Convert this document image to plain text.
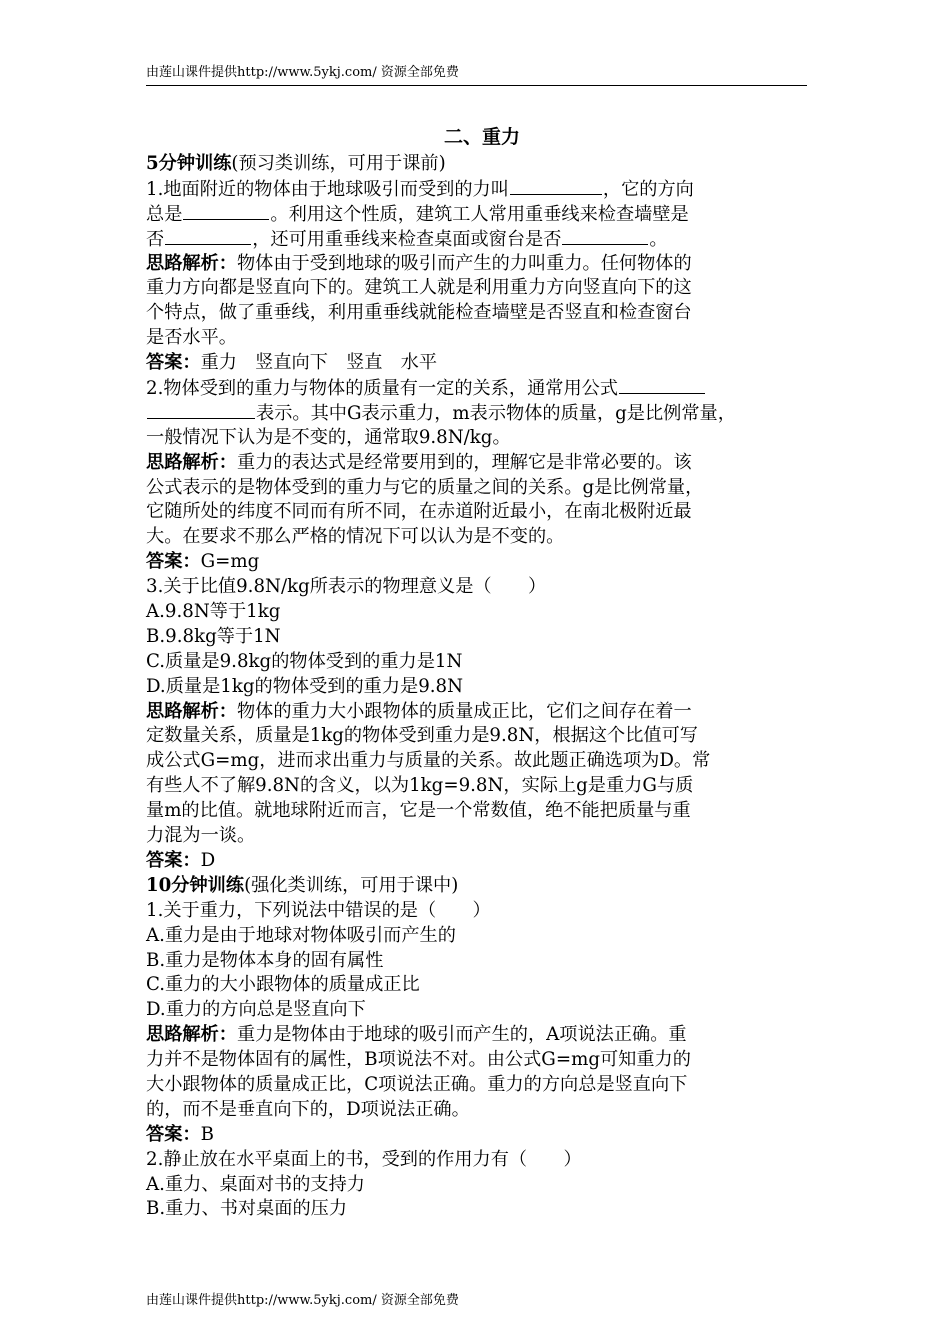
由莲山课件提供http://www.5ykj.com/ 资源全部免费

二、重力

5分钟训练(预习类训练，可用于课前)

1.地面附近的物体由于地球吸引而受到的力叫	，它的方向

总是	。利用这个性质，建筑工人常用重垂线来检查墙壁是

否	，还可用重垂线来检查桌面或窗台是否	。

思路解析：物体由于受到地球的吸引而产生的力叫重力。任何物体的

重力方向都是竖直向下的。建筑工人就是利用重力方向竖直向下的这

个特点，做了重垂线，利用重垂线就能检查墙壁是否竖直和检查窗台

是否水平。

答案：重力　竖直向下　竖直　水平

2.物体受到的重力与物体的质量有一定的关系，通常用公式

表示。其中G表示重力，m表示物体的质量，g是比例常量，

一般情况下认为是不变的，通常取9.8N/kg。

思路解析：重力的表达式是经常要用到的，理解它是非常必要的。该

公式表示的是物体受到的重力与它的质量之间的关系。g是比例常量，

它随所处的纬度不同而有所不同，在赤道附近最小，在南北极附近最

大。在要求不那么严格的情况下可以认为是不变的。

答案：G=mg

3.关于比值9.8N/kg所表示的物理意义是（　　）

A.9.8N等于1kg

B.9.8kg等于1N

C.质量是9.8kg的物体受到的重力是1N

D.质量是1kg的物体受到的重力是9.8N

思路解析：物体的重力大小跟物体的质量成正比，它们之间存在着一

定数量关系，质量是1kg的物体受到重力是9.8N，根据这个比值可写

成公式G=mg，进而求出重力与质量的关系。故此题正确选项为D。常

有些人不了解9.8N的含义，以为1kg=9.8N，实际上g是重力G与质

量m的比值。就地球附近而言，它是一个常数值，绝不能把质量与重

力混为一谈。

答案：D

10分钟训练(强化类训练，可用于课中)

1.关于重力，下列说法中错误的是（　　）

A.重力是由于地球对物体吸引而产生的

B.重力是物体本身的固有属性

C.重力的大小跟物体的质量成正比

D.重力的方向总是竖直向下

思路解析：重力是物体由于地球的吸引而产生的，A项说法正确。重

力并不是物体固有的属性，B项说法不对。由公式G=mg可知重力的

大小跟物体的质量成正比，C项说法正确。重力的方向总是竖直向下

的，而不是垂直向下的，D项说法正确。

答案：B

2.静止放在水平桌面上的书，受到的作用力有（　　）

A.重力、桌面对书的支持力

B.重力、书对桌面的压力

由莲山课件提供http://www.5ykj.com/ 资源全部免费
